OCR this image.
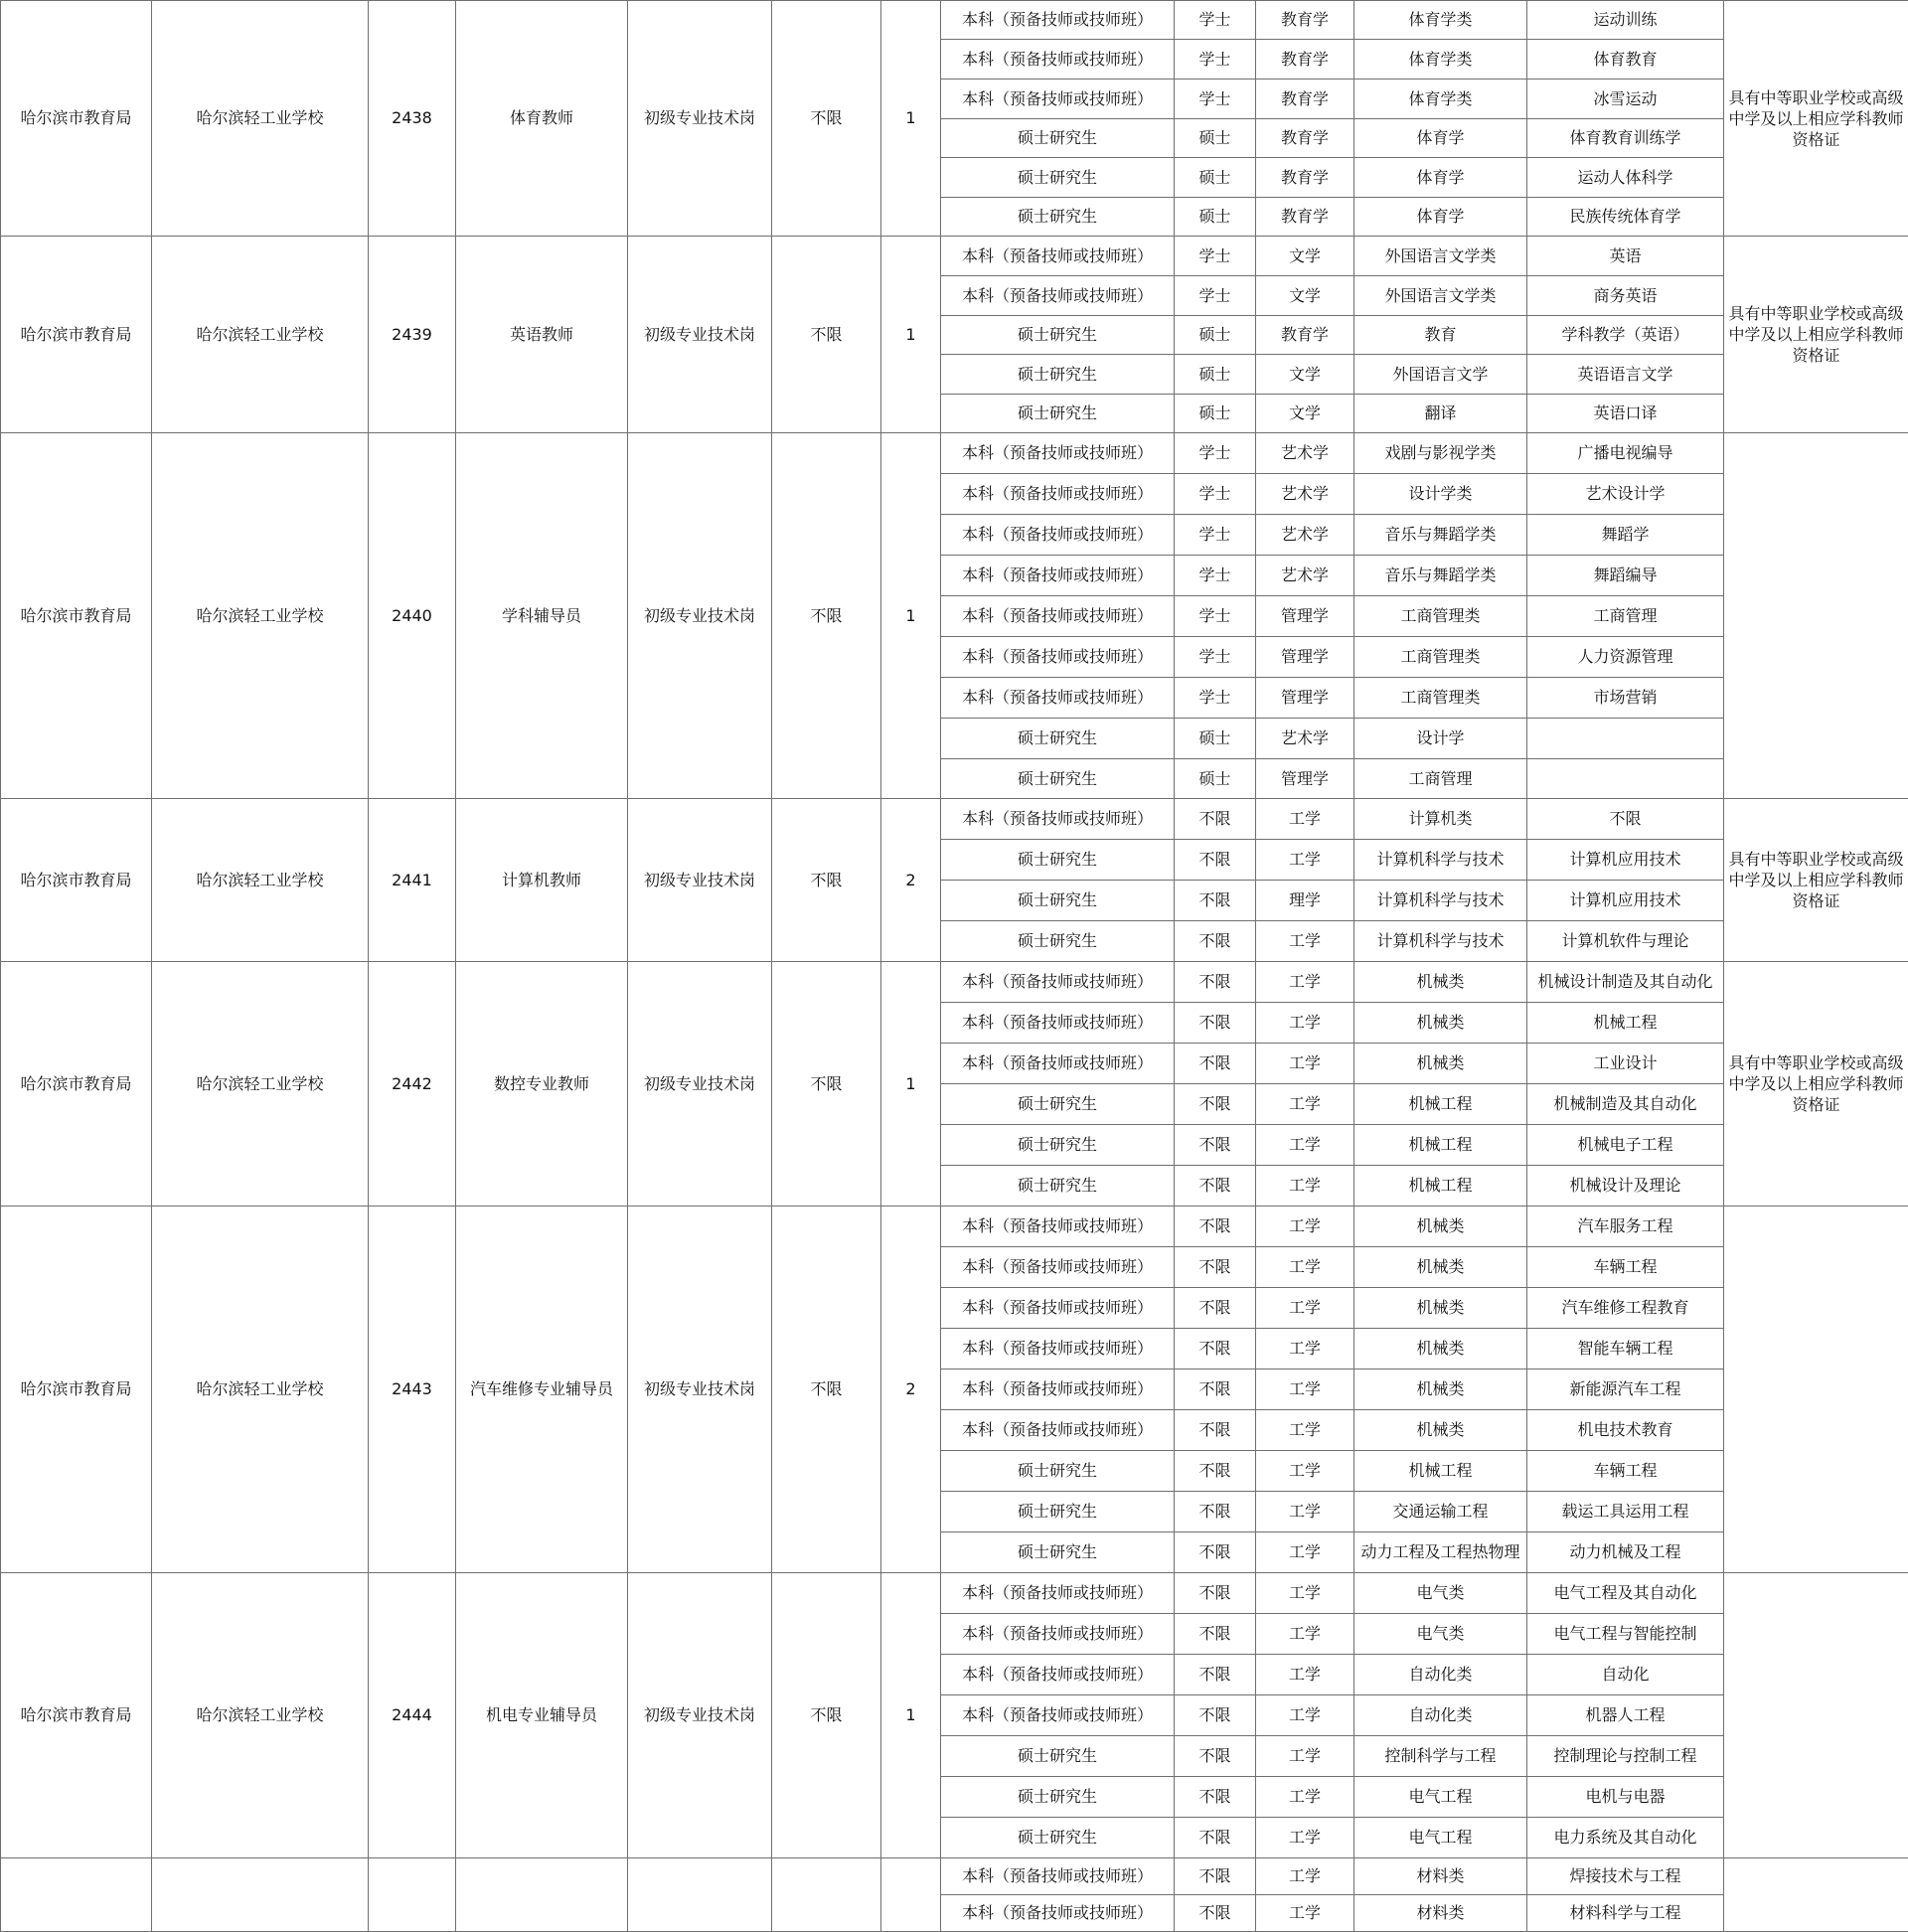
哈尔滨市教育局	哈尔滨轻工业学校	2438	体育教师	初级专业技术岗	不限	1	本科（预备技师或技师班）	学士	教育学	体育学类	运动训练	具有中等职业学校或高级中学及以上相应学科教师资格证
							本科（预备技师或技师班）	学士	教育学	体育学类	体育教育	
							本科（预备技师或技师班）	学士	教育学	体育学类	冰雪运动	
							硕士研究生	硕士	教育学	体育学	体育教育训练学	
							硕士研究生	硕士	教育学	体育学	运动人体科学	
							硕士研究生	硕士	教育学	体育学	民族传统体育学	
哈尔滨市教育局	哈尔滨轻工业学校	2439	英语教师	初级专业技术岗	不限	1	本科（预备技师或技师班）	学士	文学	外国语言文学类	英语	具有中等职业学校或高级中学及以上相应学科教师资格证
							本科（预备技师或技师班）	学士	文学	外国语言文学类	商务英语	
							硕士研究生	硕士	教育学	教育	学科教学（英语）	
							硕士研究生	硕士	文学	外国语言文学	英语语言文学	
							硕士研究生	硕士	文学	翻译	英语口译	
哈尔滨市教育局	哈尔滨轻工业学校	2440	学科辅导员	初级专业技术岗	不限	1	本科（预备技师或技师班）	学士	艺术学	戏剧与影视学类	广播电视编导	
							本科（预备技师或技师班）	学士	艺术学	设计学类	艺术设计学	
							本科（预备技师或技师班）	学士	艺术学	音乐与舞蹈学类	舞蹈学	
							本科（预备技师或技师班）	学士	艺术学	音乐与舞蹈学类	舞蹈编导	
							本科（预备技师或技师班）	学士	管理学	工商管理类	工商管理	
							本科（预备技师或技师班）	学士	管理学	工商管理类	人力资源管理	
							本科（预备技师或技师班）	学士	管理学	工商管理类	市场营销	
							硕士研究生	硕士	艺术学	设计学		
							硕士研究生	硕士	管理学	工商管理		
哈尔滨市教育局	哈尔滨轻工业学校	2441	计算机教师	初级专业技术岗	不限	2	本科（预备技师或技师班）	不限	工学	计算机类	不限	具有中等职业学校或高级中学及以上相应学科教师资格证
							硕士研究生	不限	工学	计算机科学与技术	计算机应用技术	
							硕士研究生	不限	理学	计算机科学与技术	计算机应用技术	
							硕士研究生	不限	工学	计算机科学与技术	计算机软件与理论	
哈尔滨市教育局	哈尔滨轻工业学校	2442	数控专业教师	初级专业技术岗	不限	1	本科（预备技师或技师班）	不限	工学	机械类	机械设计制造及其自动化	具有中等职业学校或高级中学及以上相应学科教师资格证
							本科（预备技师或技师班）	不限	工学	机械类	机械工程	
							本科（预备技师或技师班）	不限	工学	机械类	工业设计	
							硕士研究生	不限	工学	机械工程	机械制造及其自动化	
							硕士研究生	不限	工学	机械工程	机械电子工程	
							硕士研究生	不限	工学	机械工程	机械设计及理论	
哈尔滨市教育局	哈尔滨轻工业学校	2443	汽车维修专业辅导员	初级专业技术岗	不限	2	本科（预备技师或技师班）	不限	工学	机械类	汽车服务工程	
							本科（预备技师或技师班）	不限	工学	机械类	车辆工程	
							本科（预备技师或技师班）	不限	工学	机械类	汽车维修工程教育	
							本科（预备技师或技师班）	不限	工学	机械类	智能车辆工程	
							本科（预备技师或技师班）	不限	工学	机械类	新能源汽车工程	
							本科（预备技师或技师班）	不限	工学	机械类	机电技术教育	
							硕士研究生	不限	工学	机械工程	车辆工程	
							硕士研究生	不限	工学	交通运输工程	载运工具运用工程	
							硕士研究生	不限	工学	动力工程及工程热物理	动力机械及工程	
哈尔滨市教育局	哈尔滨轻工业学校	2444	机电专业辅导员	初级专业技术岗	不限	1	本科（预备技师或技师班）	不限	工学	电气类	电气工程及其自动化	
							本科（预备技师或技师班）	不限	工学	电气类	电气工程与智能控制	
							本科（预备技师或技师班）	不限	工学	自动化类	自动化	
							本科（预备技师或技师班）	不限	工学	自动化类	机器人工程	
							硕士研究生	不限	工学	控制科学与工程	控制理论与控制工程	
							硕士研究生	不限	工学	电气工程	电机与电器	
							硕士研究生	不限	工学	电气工程	电力系统及其自动化	
							本科（预备技师或技师班）	不限	工学	材料类	焊接技术与工程	
							本科（预备技师或技师班）	不限	工学	材料类	材料科学与工程	
